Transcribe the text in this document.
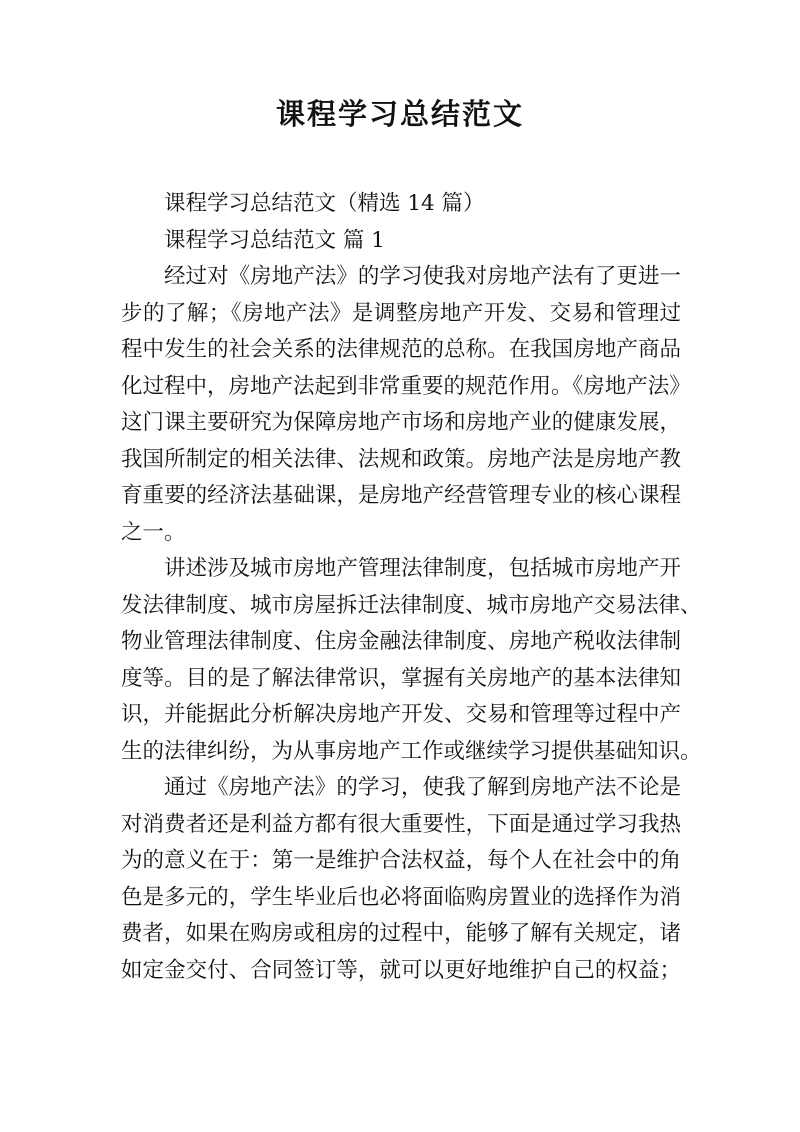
课程学习总结范文
课程学习总结范文（精选 14 篇）
课程学习总结范文 篇 1
经过对《房地产法》的学习使我对房地产法有了更进一
步的了解；《房地产法》是调整房地产开发、交易和管理过
程中发生的社会关系的法律规范的总称。在我国房地产商品
化过程中，房地产法起到非常重要的规范作用。《房地产法》
这门课主要研究为保障房地产市场和房地产业的健康发展，
我国所制定的相关法律、法规和政策。房地产法是房地产教
育重要的经济法基础课，是房地产经营管理专业的核心课程
之一。
讲述涉及城市房地产管理法律制度，包括城市房地产开
发法律制度、城市房屋拆迁法律制度、城市房地产交易法律、
物业管理法律制度、住房金融法律制度、房地产税收法律制
度等。目的是了解法律常识，掌握有关房地产的基本法律知
识，并能据此分析解决房地产开发、交易和管理等过程中产
生的法律纠纷，为从事房地产工作或继续学习提供基础知识。
通过《房地产法》的学习，使我了解到房地产法不论是
对消费者还是利益方都有很大重要性，下面是通过学习我热
为的意义在于：第一是维护合法权益，每个人在社会中的角
色是多元的，学生毕业后也必将面临购房置业的选择作为消
费者，如果在购房或租房的过程中，能够了解有关规定，诸
如定金交付、合同签订等，就可以更好地维护自己的权益；
